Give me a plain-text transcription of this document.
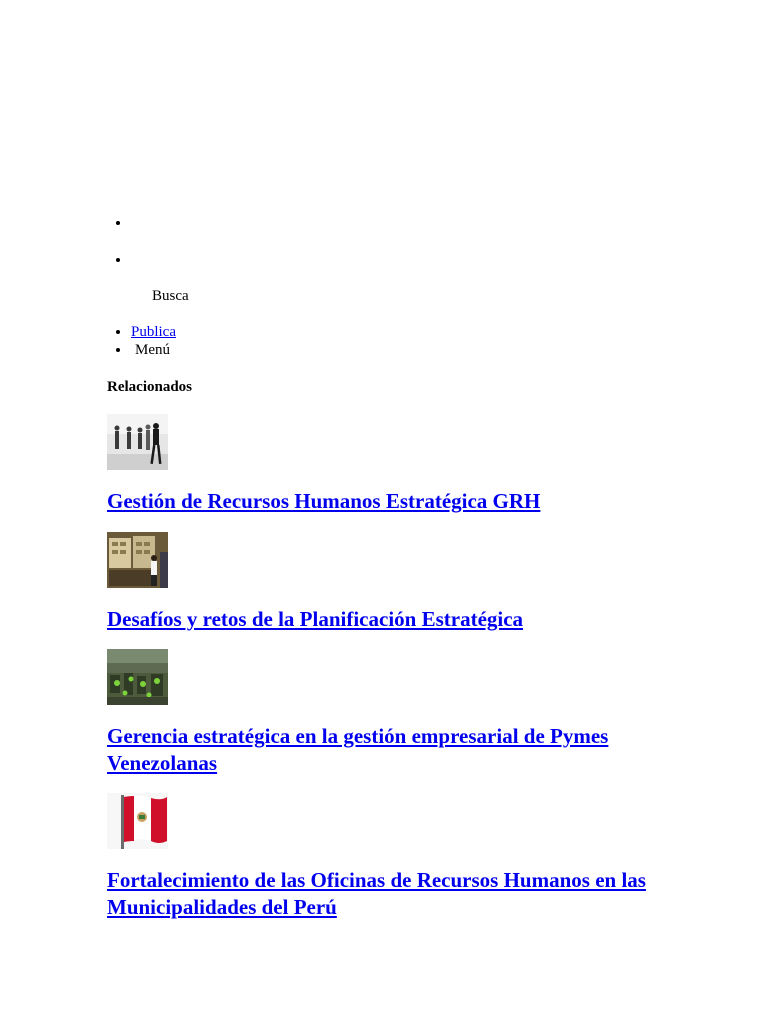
Busca
• Publica
• Menú
Relacionados
Gestión de Recursos Humanos Estratégica GRH
Desafíos y retos de la Planificación Estratégica
Gerencia estratégica en la gestión empresarial de Pymes Venezolanas
Fortalecimiento de las Oficinas de Recursos Humanos en las Municipalidades del Perú
